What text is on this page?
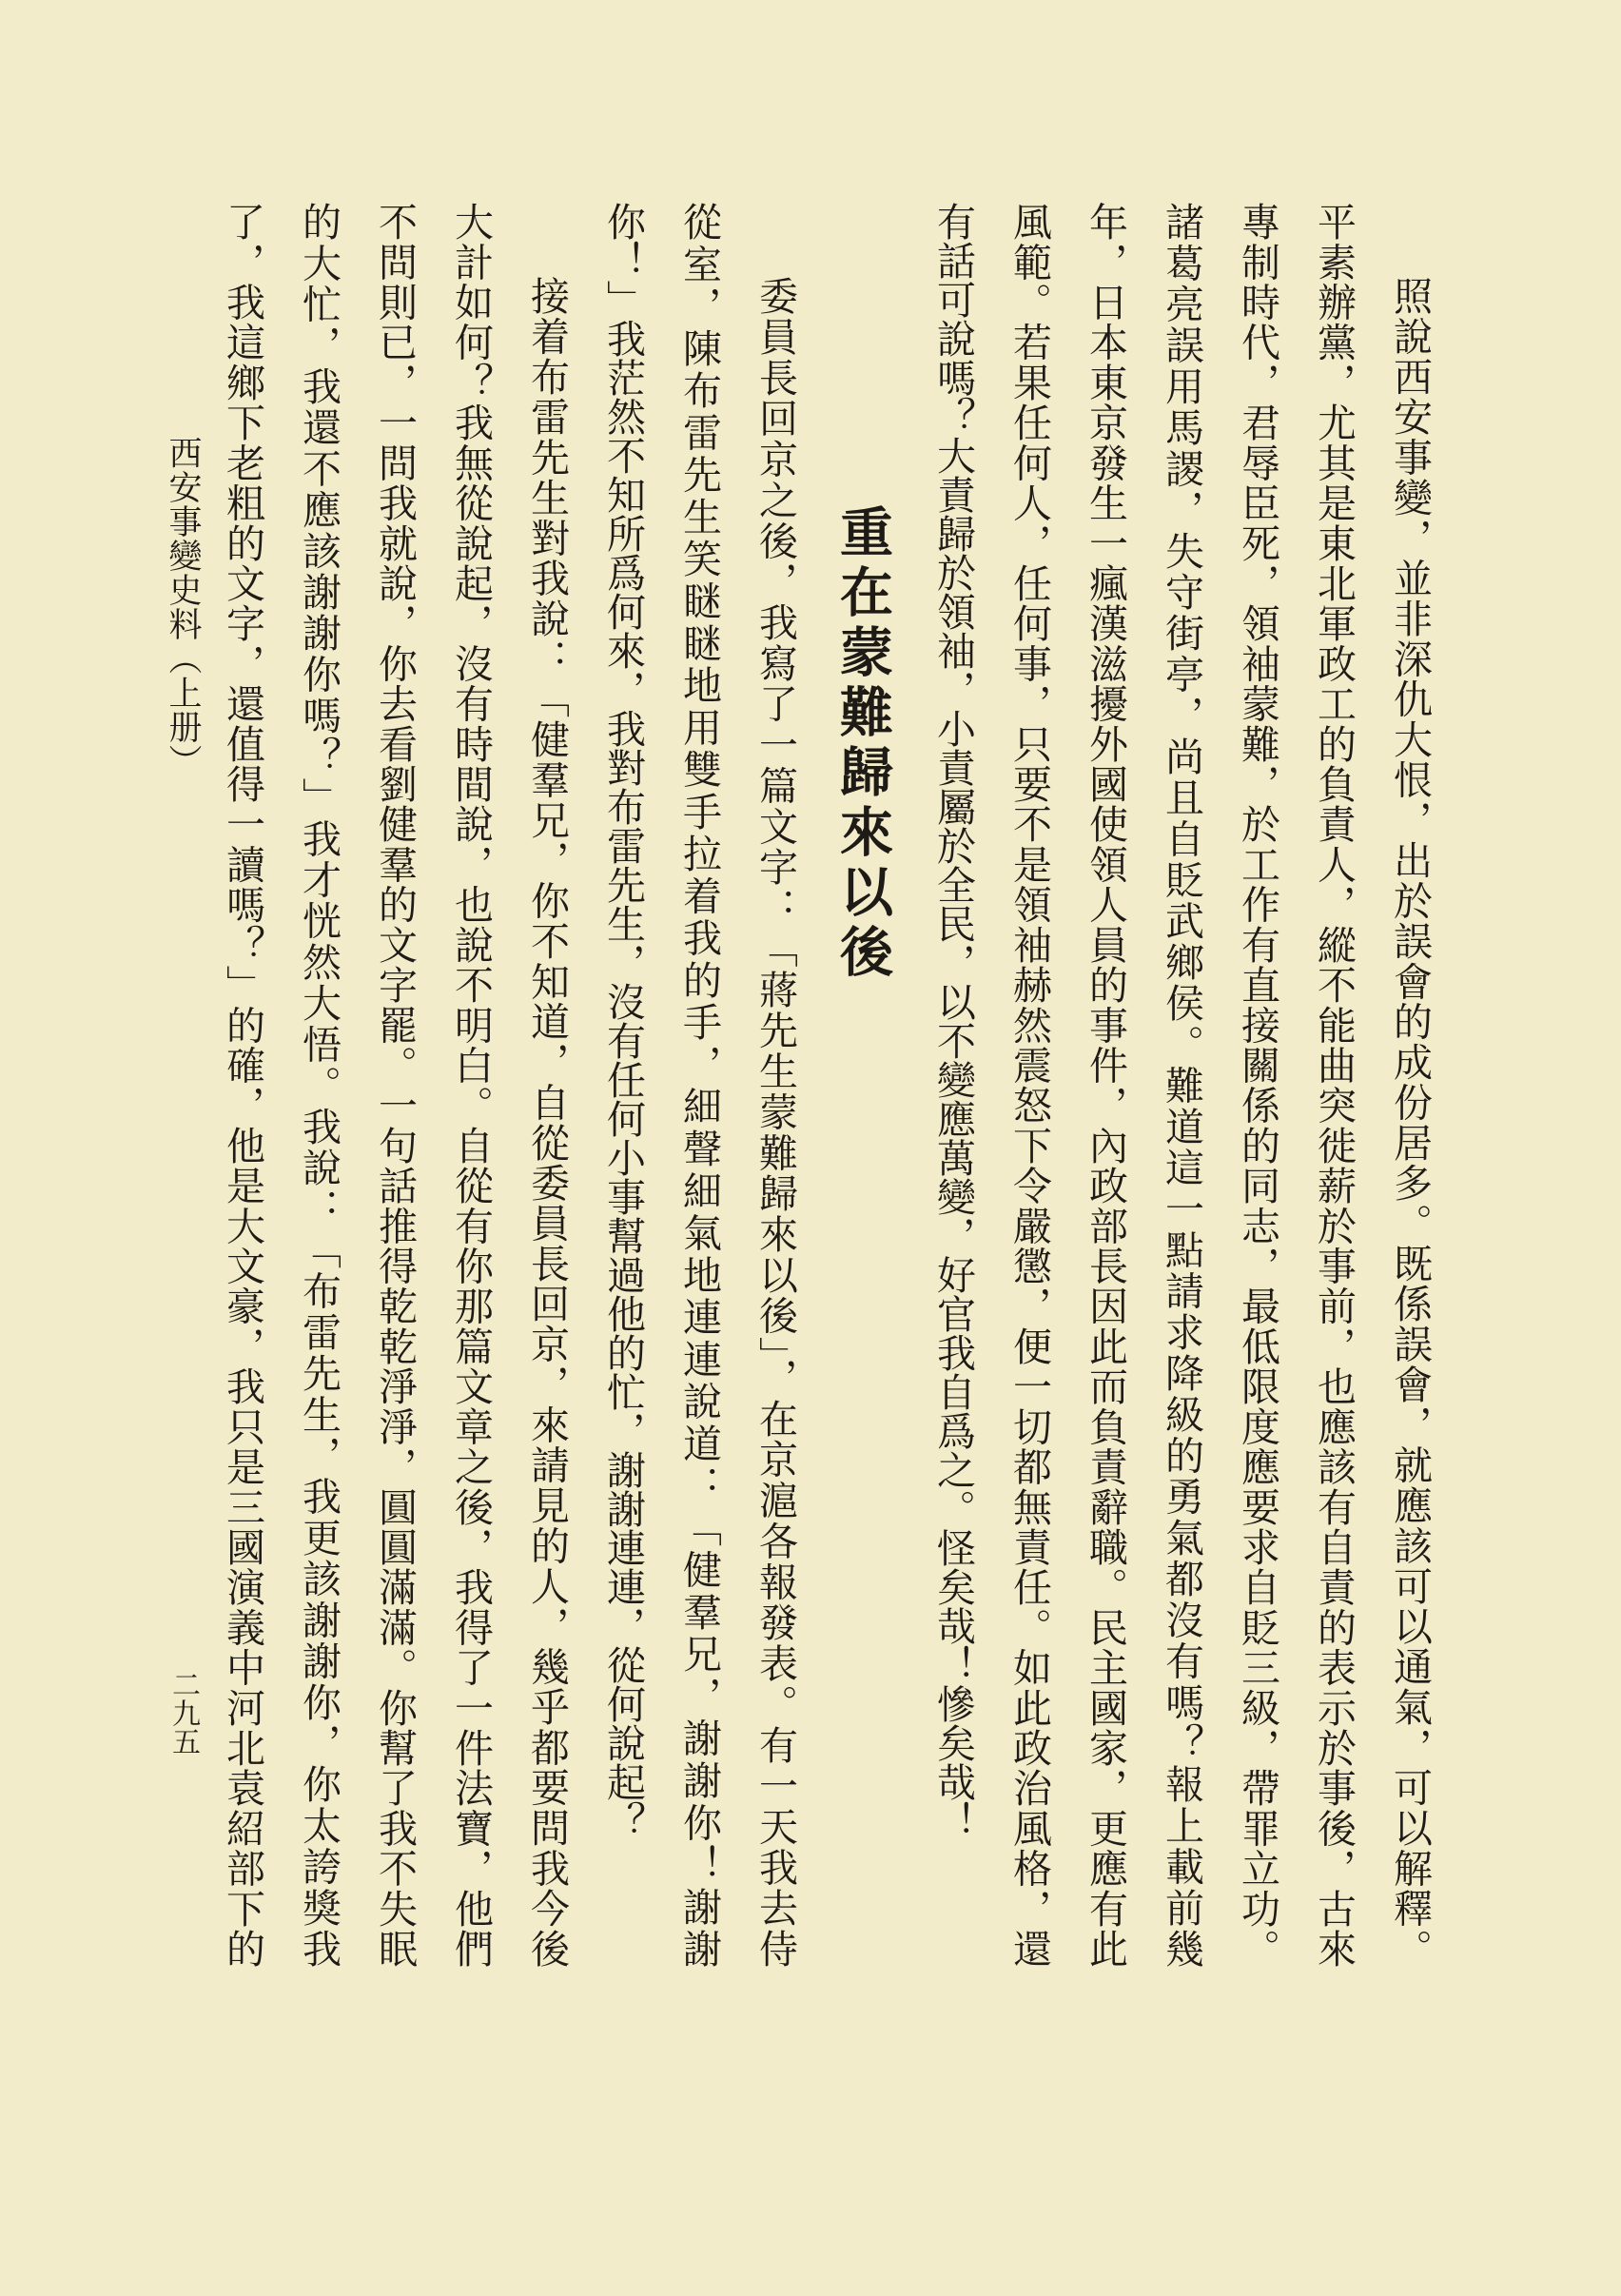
照說西安事變，並非深仇大恨，出於誤會的成份居多。既係誤會，就應該可以通氣，可以解釋。
平素辦黨，尤其是東北軍政工的負責人，縱不能曲突徙薪於事前，也應該有自責的表示於事後，古來
專制時代，君辱臣死，領袖蒙難，於工作有直接關係的同志，最低限度應要求自貶三級，帶罪立功。
諸葛亮誤用馬謖，失守街亭，尚且自貶武鄉侯。難道這一點請求降級的勇氣都沒有嗎？報上載前幾
年，日本東京發生一瘋漢滋擾外國使領人員的事件，內政部長因此而負責辭職。民主國家，更應有此
風範。若果任何人，任何事，只要不是領袖赫然震怒下令嚴懲，便一切都無責任。如此政治風格，還
有話可說嗎？大責歸於領袖，小責屬於全民，以不變應萬變，好官我自爲之。怪矣哉！慘矣哉！
重在蒙難歸來以後
委員長回京之後，我寫了一篇文字：「蔣先生蒙難歸來以後」，在京滬各報發表。有一天我去侍
從室，陳布雷先生笑瞇瞇地用雙手拉着我的手，細聲細氣地連連說道：「健羣兄，謝謝你！謝謝
你！」我茫然不知所爲何來，我對布雷先生，沒有任何小事幫過他的忙，謝謝連連，從何說起？
接着布雷先生對我說：「健羣兄，你不知道，自從委員長回京，來請見的人，幾乎都要問我今後
大計如何？我無從說起，沒有時間說，也說不明白。自從有你那篇文章之後，我得了一件法寶，他們
不問則已，一問我就說，你去看劉健羣的文字罷。一句話推得乾乾淨淨，圓圓滿滿。你幫了我不失眠
的大忙，我還不應該謝謝你嗎？」我才恍然大悟。我說：「布雷先生，我更該謝謝你，你太誇獎我
了，我這鄉下老粗的文字，還值得一讀嗎？」的確，他是大文豪，我只是三國演義中河北袁紹部下的
西安事變史料（上册）
二九五
